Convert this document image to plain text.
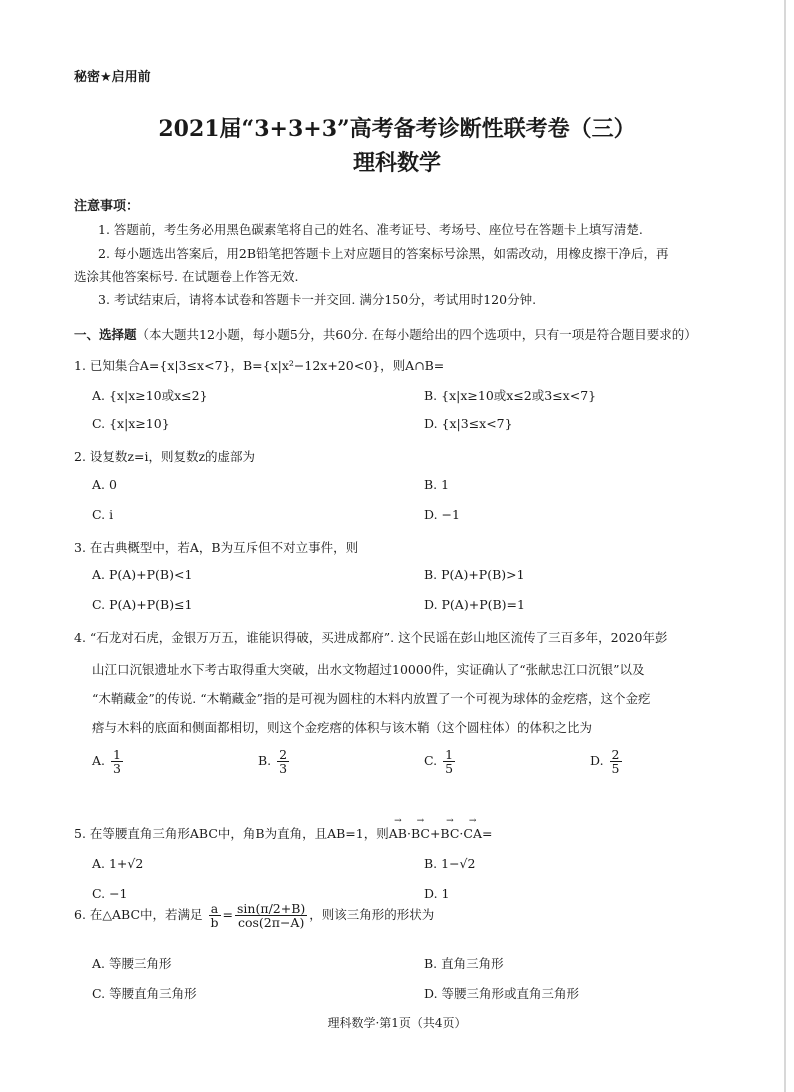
秘密★启用前
2021届“3+3+3”高考备考诊断性联考卷（三）
理科数学
注意事项：
1. 答题前，考生务必用黑色碳素笔将自己的姓名、准考证号、考场号、座位号在答题卡上填写清楚.
2. 每小题选出答案后，用2B铅笔把答题卡上对应题目的答案标号涂黑，如需改动，用橡皮擦干净后，再
选涂其他答案标号. 在试题卷上作答无效.
3. 考试结束后，请将本试卷和答题卡一并交回. 满分150分，考试用时120分钟.
一、选择题（本大题共12小题，每小题5分，共60分. 在每小题给出的四个选项中，只有一项是符合题目要求的）
1. 已知集合A={x|3≤x<7}，B={x|x²−12x+20<0}，则A∩B=
A. {x|x≥10或x≤2}	B. {x|x≥10或x≤2或3≤x<7}
C. {x|x≥10}	D. {x|3≤x<7}
2. 设复数z=i，则复数z的虚部为
A. 0	B. 1
C. i	D. −1
3. 在古典概型中，若A，B为互斥但不对立事件，则
A. P(A)+P(B)<1	B. P(A)+P(B)>1
C. P(A)+P(B)≤1	D. P(A)+P(B)=1
4. “石龙对石虎，金银万万五，谁能识得破，买进成都府”. 这个民谣在彭山地区流传了三百多年，2020年彭
山江口沉银遗址水下考古取得重大突破，出水文物超过10000件，实证确认了“张献忠江口沉银”以及
“木鞘藏金”的传说. “木鞘藏金”指的是可视为圆柱的木料内放置了一个可视为球体的金疙瘩，这个金疙
瘩与木料的底面和侧面都相切，则这个金疙瘩的体积与该木鞘（这个圆柱体）的体积之比为
A. $\frac{1}{3}$	B. $\frac{2}{3}$	C. $\frac{1}{5}$	D. $\frac{2}{5}$
5. 在等腰直角三角形ABC中，角B为直角，且AB=1，则→ AB·→ BC+→ BC·→ CA=
A. 1+√2	B. 1−√2
C. −1	D. 1
6. 在△ABC中，若满足 $\frac{a}{b} = \frac{\sin(\pi/2+B)}{\cos(2\pi-A)}$ ，则该三角形的形状为
A. 等腰三角形	B. 直角三角形
C. 等腰直角三角形	D. 等腰三角形或直角三角形
理科数学·第1页（共4页）
